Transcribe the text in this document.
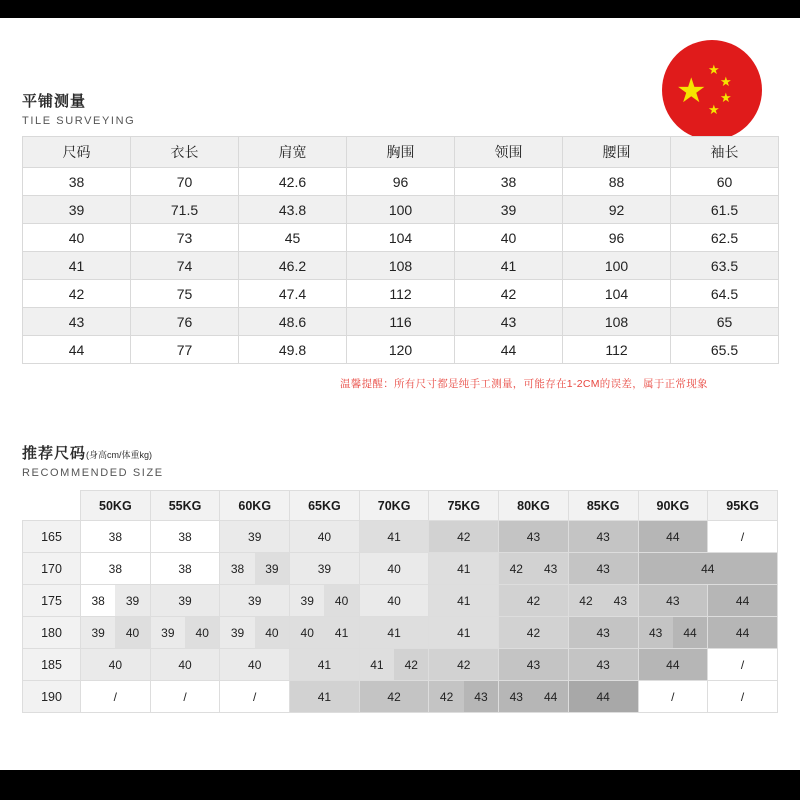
★
★
★
★
★
平铺测量
TILE SURVEYING
尺码	衣长	肩宽	胸围	领围	腰围	袖长
38	70	42.6	96	38	88	60
39	71.5	43.8	100	39	92	61.5
40	73	45	104	40	96	62.5
41	74	46.2	108	41	100	63.5
42	75	47.4	112	42	104	64.5
43	76	48.6	116	43	108	65
44	77	49.8	120	44	112	65.5
温馨提醒：所有尺寸都是纯手工测量，可能存在1-2CM的误差，属于正常现象
推荐尺码(身高cm/体重kg)
RECOMMENDED SIZE
	50KG	55KG	60KG	65KG	70KG	75KG	80KG	85KG	90KG	95KG
165	38	38	39	40	41	42	43	43	44	/

170	38	38	38 39	39	40	41	42 43	43	44	

175	38 39	39	39	39 40	40	41	42	42 43	43	44

180	39 40	39 40	39 40	40 41	41	41	42	43	43 44	44

185	40	40	40	41	41 42	42	43	43	44	/

190	/	/	/	41	42	42 43	43 44	44	/	/
